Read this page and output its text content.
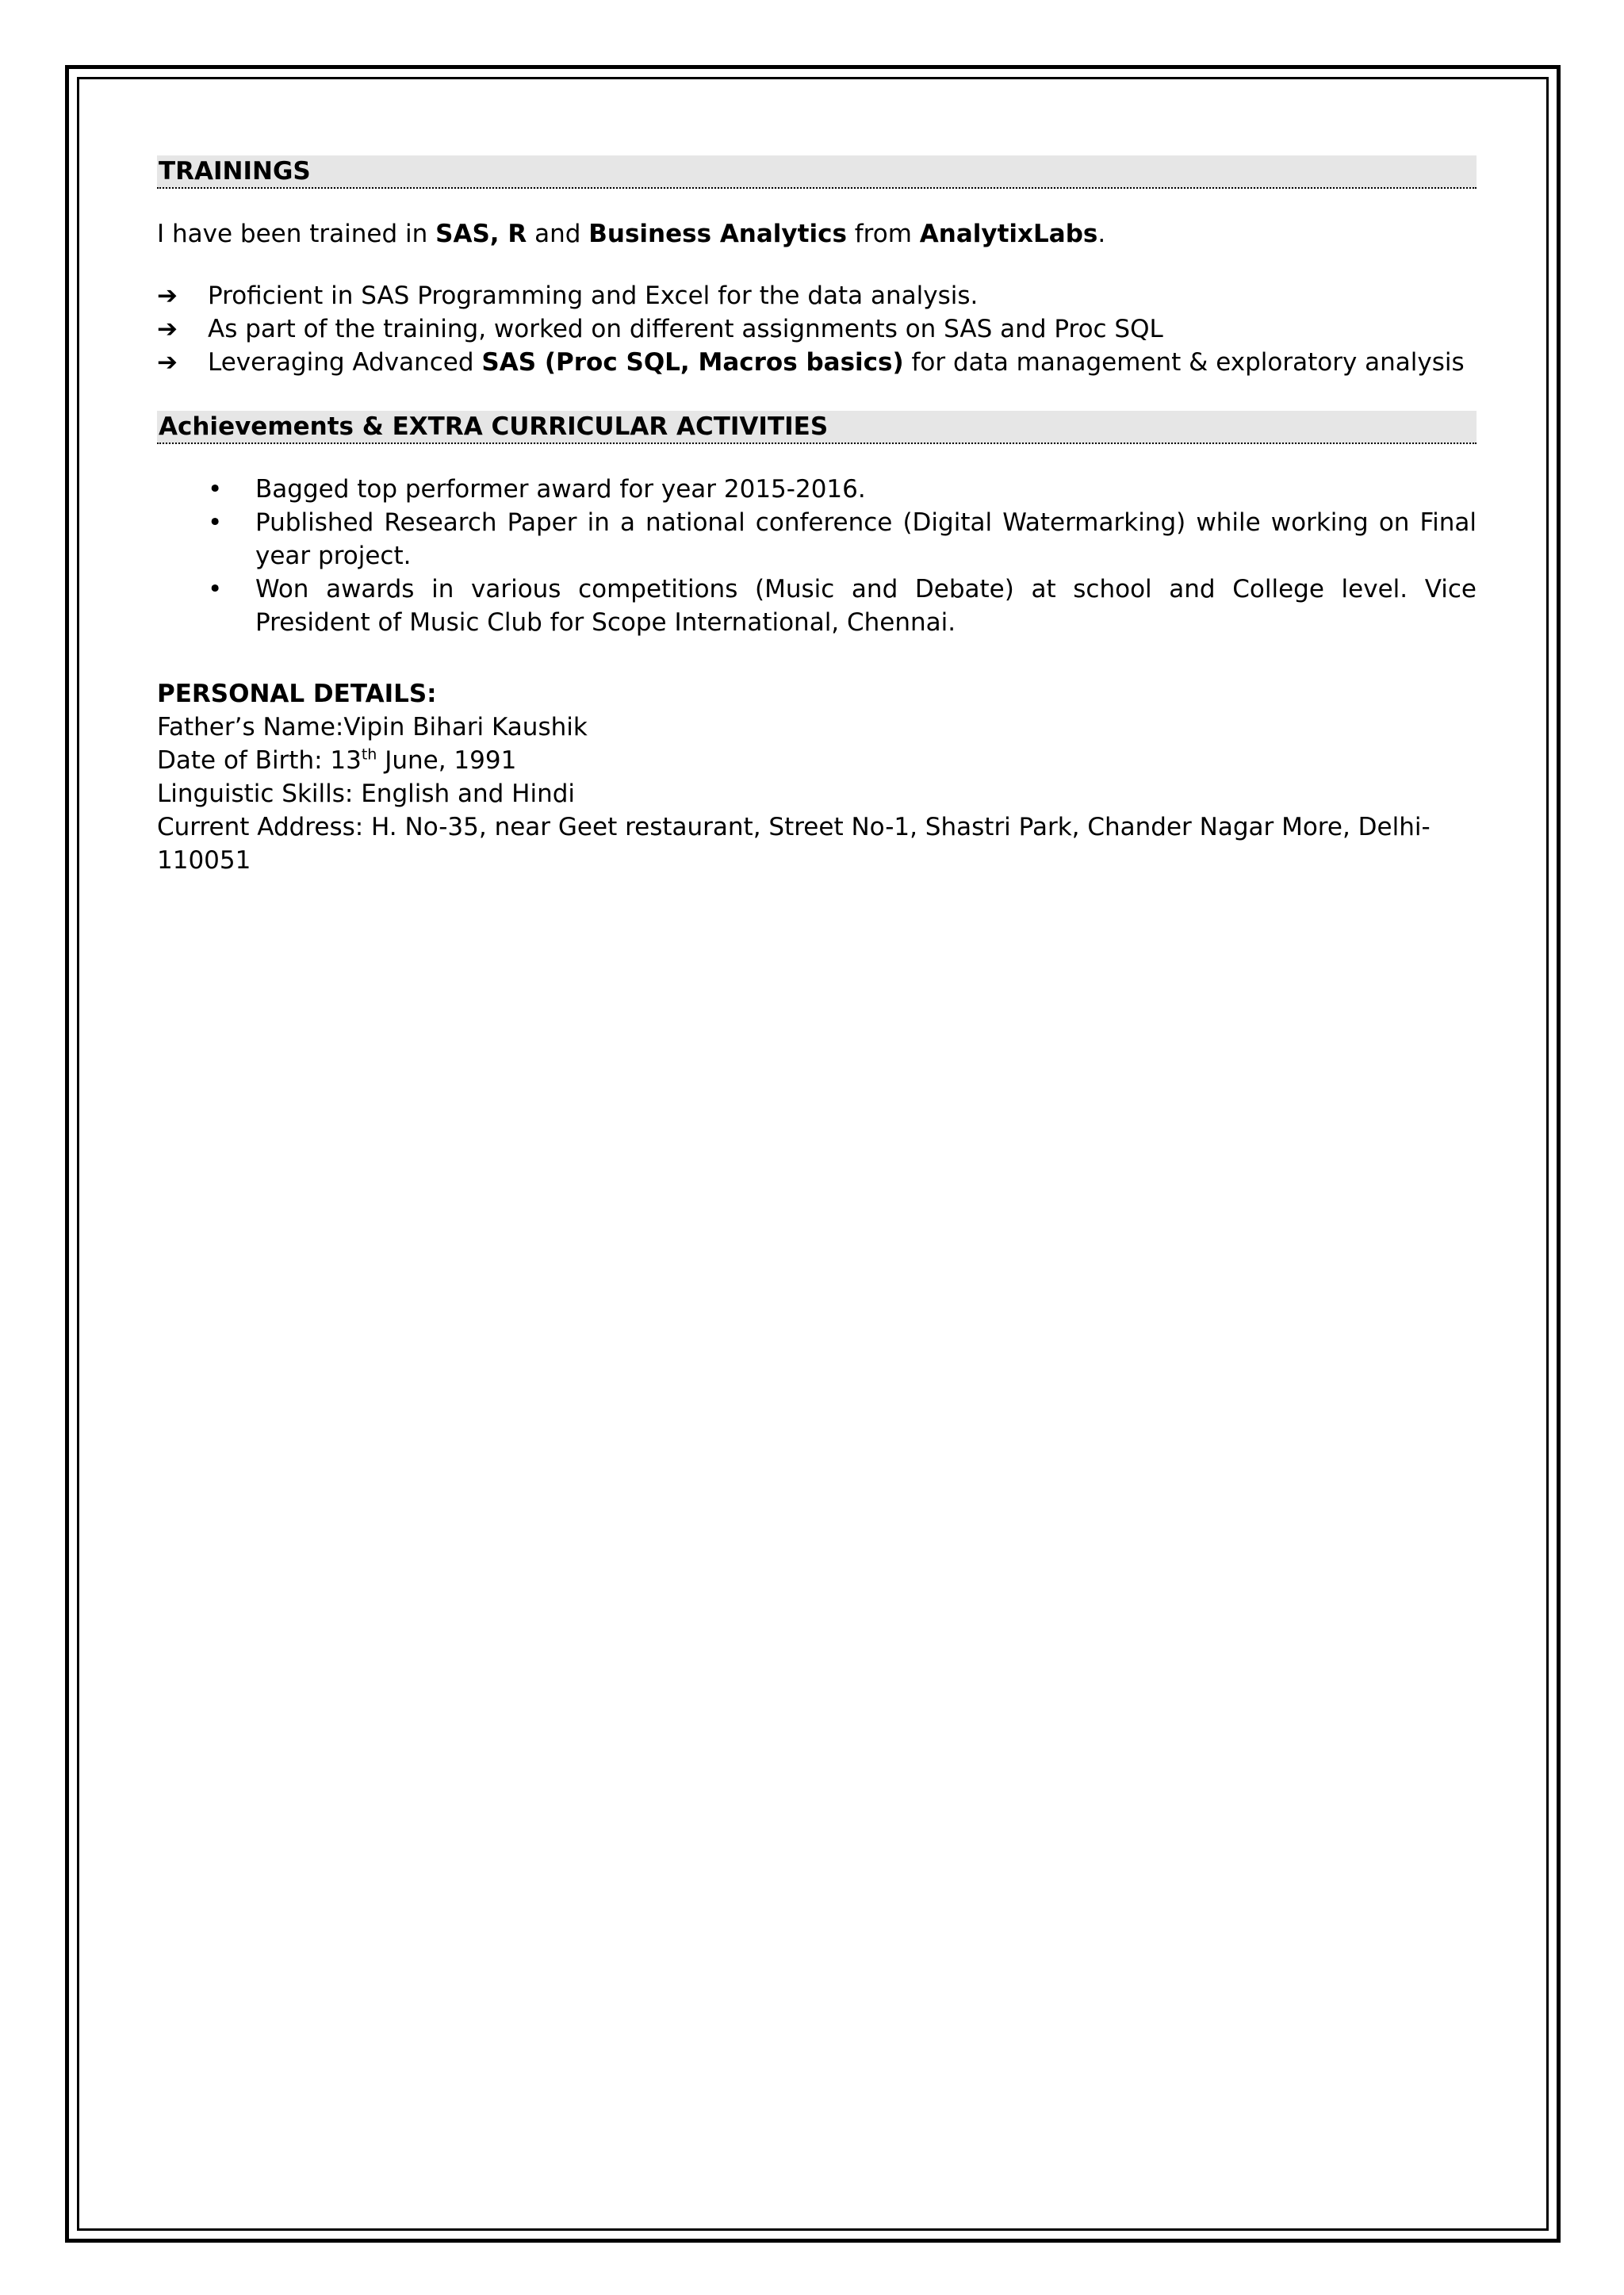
TRAININGS

I have been trained in SAS, R and Business Analytics from AnalytixLabs.

➔ Proficient in SAS Programming and Excel for the data analysis.
➔ As part of the training, worked on different assignments on SAS and Proc SQL
➔ Leveraging Advanced SAS (Proc SQL, Macros basics) for data management & exploratory analysis
Achievements & EXTRA CURRICULAR ACTIVITIES
• Bagged top performer award for year 2015-2016.
• Published Research Paper in a national conference (Digital Watermarking) while working on Final year project.
• Won awards in various competitions (Music and Debate) at school and College level. Vice President of Music Club for Scope International, Chennai.

PERSONAL DETAILS:

Father’s Name:Vipin Bihari Kaushik

Date of Birth: 13th June, 1991

Linguistic Skills: English and Hindi

Current Address: H. No-35, near Geet restaurant, Street No-1, Shastri Park, Chander Nagar More, Delhi-110051
